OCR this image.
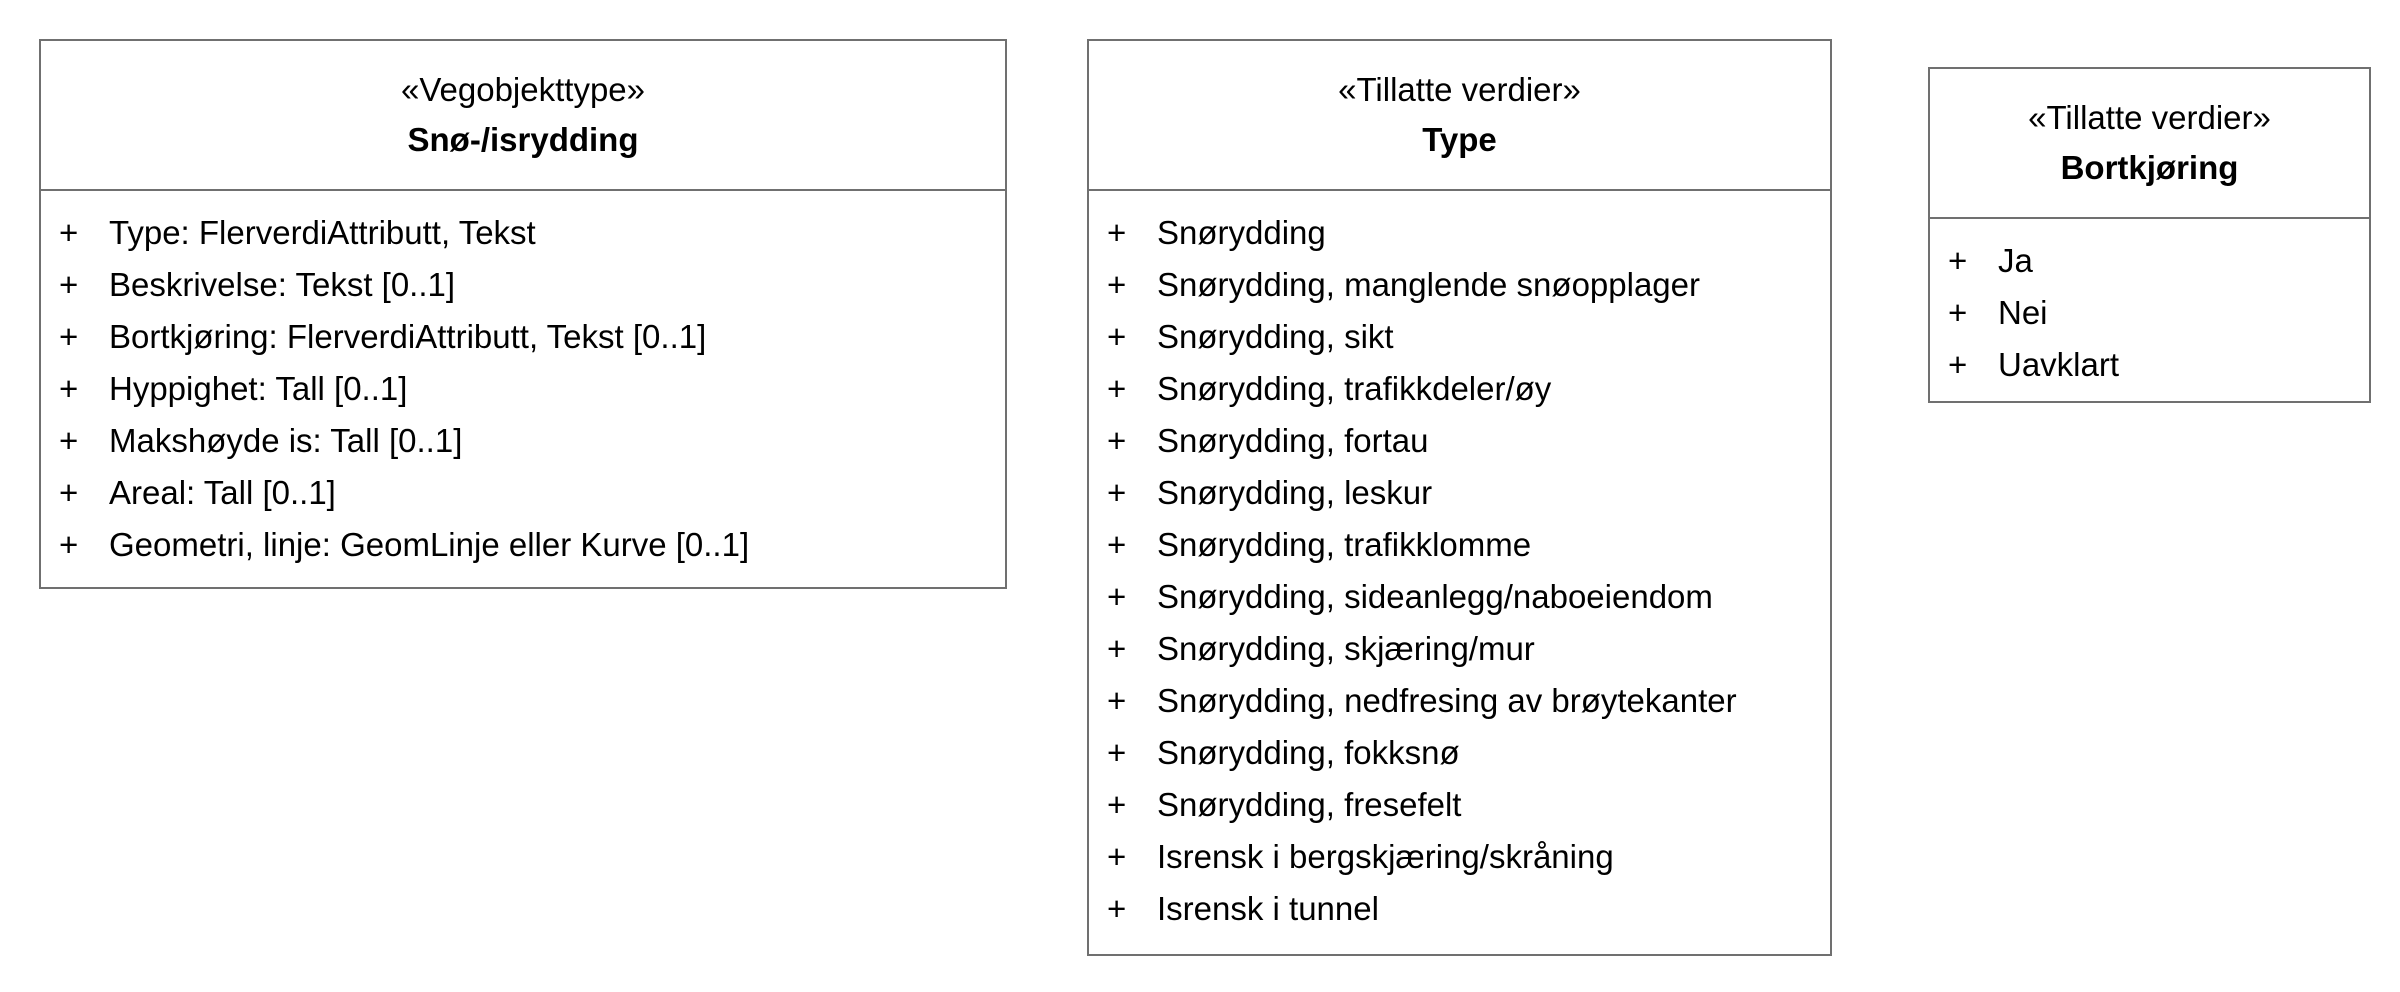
«Vegobjekttype»
Snø-/isrydding
+ Type: FlerverdiAttributt, Tekst
+ Beskrivelse: Tekst [0..1]
+ Bortkjøring: FlerverdiAttributt, Tekst [0..1]
+ Hyppighet: Tall [0..1]
+ Makshøyde is: Tall [0..1]
+ Areal: Tall [0..1]
+ Geometri, linje: GeomLinje eller Kurve [0..1]
«Tillatte verdier»
Type
+ Snørydding
+ Snørydding, manglende snøopplager
+ Snørydding, sikt
+ Snørydding, trafikkdeler/øy
+ Snørydding, fortau
+ Snørydding, leskur
+ Snørydding, trafikklomme
+ Snørydding, sideanlegg/naboeiendom
+ Snørydding, skjæring/mur
+ Snørydding, nedfresing av brøytekanter
+ Snørydding, fokksnø
+ Snørydding, fresefelt
+ Isrensk i bergskjæring/skråning
+ Isrensk i tunnel
«Tillatte verdier»
Bortkjøring
+ Ja
+ Nei
+ Uavklart
